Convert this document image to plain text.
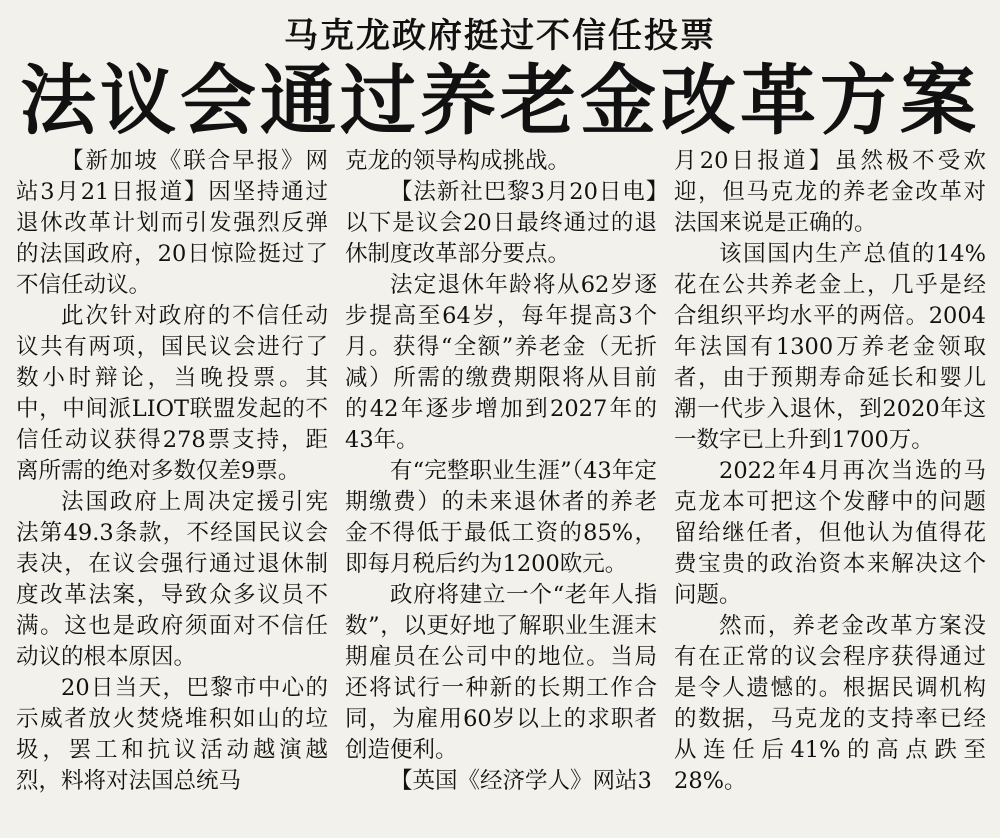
马克龙政府挺过不信任投票
法议会通过养老金改革方案

【新加坡《联合早报》网站3月21日报道】因坚持通过退休改革计划而引发强烈反弹的法国政府，20日惊险挺过了不信任动议。

此次针对政府的不信任动议共有两项，国民议会进行了数小时辩论，当晚投票。其中，中间派LIOT联盟发起的不信任动议获得278票支持，距离所需的绝对多数仅差9票。

法国政府上周决定援引宪法第49.3条款，不经国民议会表决，在议会强行通过退休制度改革法案，导致众多议员不满。这也是政府须面对不信任动议的根本原因。

20日当天，巴黎市中心的示威者放火焚烧堆积如山的垃圾，罢工和抗议活动越演越烈，料将对法国总统马

克龙的领导构成挑战。

【法新社巴黎3月20日电】以下是议会20日最终通过的退休制度改革部分要点。

法定退休年龄将从62岁逐步提高至64岁，每年提高3个月。获得“全额”养老金（无折减）所需的缴费期限将从目前的42年逐步增加到2027年的43年。

有“完整职业生涯”（43年定期缴费）的未来退休者的养老金不得低于最低工资的85%，即每月税后约为1200欧元。

政府将建立一个“老年人指数”，以更好地了解职业生涯末期雇员在公司中的地位。当局还将试行一种新的长期工作合同，为雇用60岁以上的求职者创造便利。

【英国《经济学人》网站3

月20日报道】虽然极不受欢迎，但马克龙的养老金改革对法国来说是正确的。

该国国内生产总值的14%花在公共养老金上，几乎是经合组织平均水平的两倍。2004年法国有1300万养老金领取者，由于预期寿命延长和婴儿潮一代步入退休，到2020年这一数字已上升到1700万。

2022年4月再次当选的马克龙本可把这个发酵中的问题留给继任者，但他认为值得花费宝贵的政治资本来解决这个问题。

然而，养老金改革方案没有在正常的议会程序获得通过是令人遗憾的。根据民调机构的数据，马克龙的支持率已经从连任后41%的高点跌至28%。
